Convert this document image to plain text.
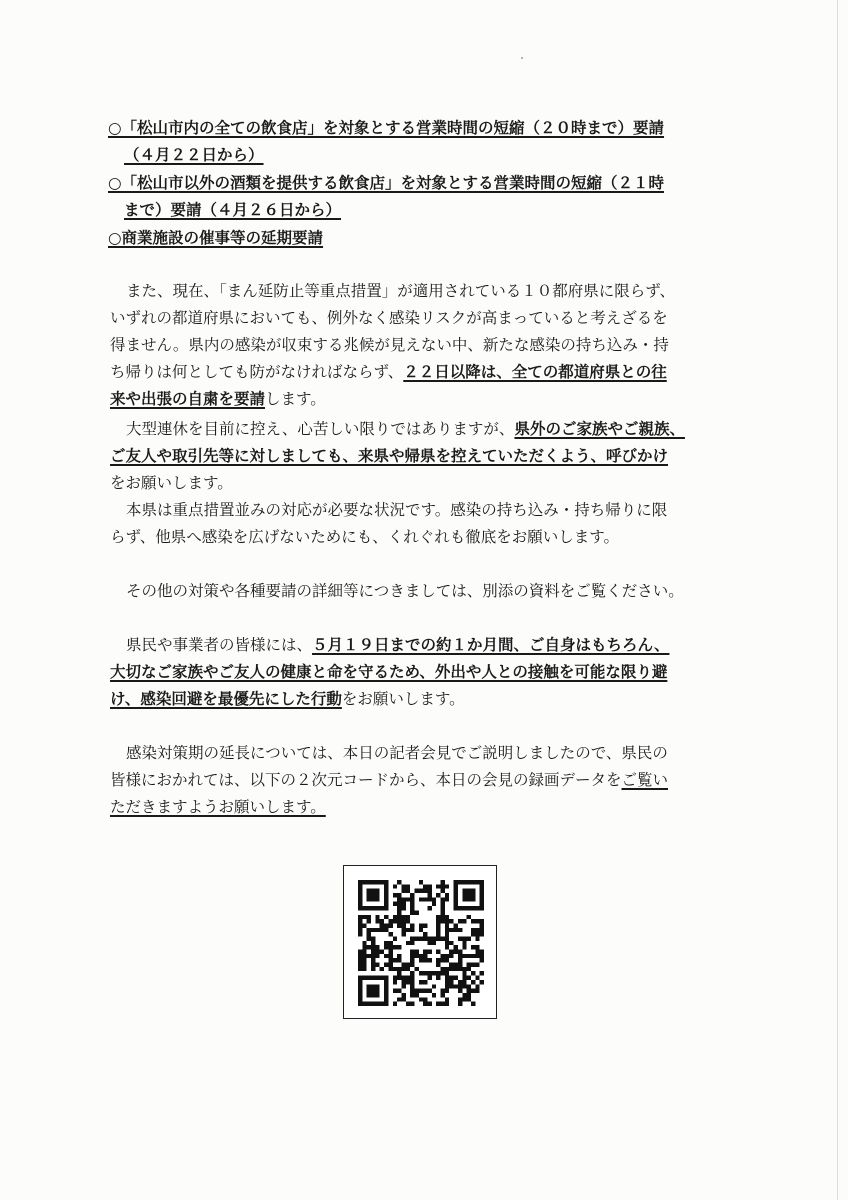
○「松山市内の全ての飲食店」を対象とする営業時間の短縮（２０時まで）要請
（４月２２日から）
○「松山市以外の酒類を提供する飲食店」を対象とする営業時間の短縮（２１時
まで）要請（４月２６日から）
○商業施設の催事等の延期要請
また、現在、「まん延防止等重点措置」が適用されている１０都府県に限らず、
いずれの都道府県においても、例外なく感染リスクが高まっていると考えざるを
得ません。県内の感染が収束する兆候が見えない中、新たな感染の持ち込み・持
ち帰りは何としても防がなければならず、２２日以降は、全ての都道府県との往
来や出張の自粛を要請します。
大型連休を目前に控え、心苦しい限りではありますが、県外のご家族やご親族、
ご友人や取引先等に対しましても、来県や帰県を控えていただくよう、呼びかけ
をお願いします。
本県は重点措置並みの対応が必要な状況です。感染の持ち込み・持ち帰りに限
らず、他県へ感染を広げないためにも、くれぐれも徹底をお願いします。
その他の対策や各種要請の詳細等につきましては、別添の資料をご覧ください。
県民や事業者の皆様には、５月１９日までの約１か月間、ご自身はもちろん、
大切なご家族やご友人の健康と命を守るため、外出や人との接触を可能な限り避
け、感染回避を最優先にした行動をお願いします。
感染対策期の延長については、本日の記者会見でご説明しましたので、県民の
皆様におかれては、以下の２次元コードから、本日の会見の録画データをご覧い
ただきますようお願いします。
